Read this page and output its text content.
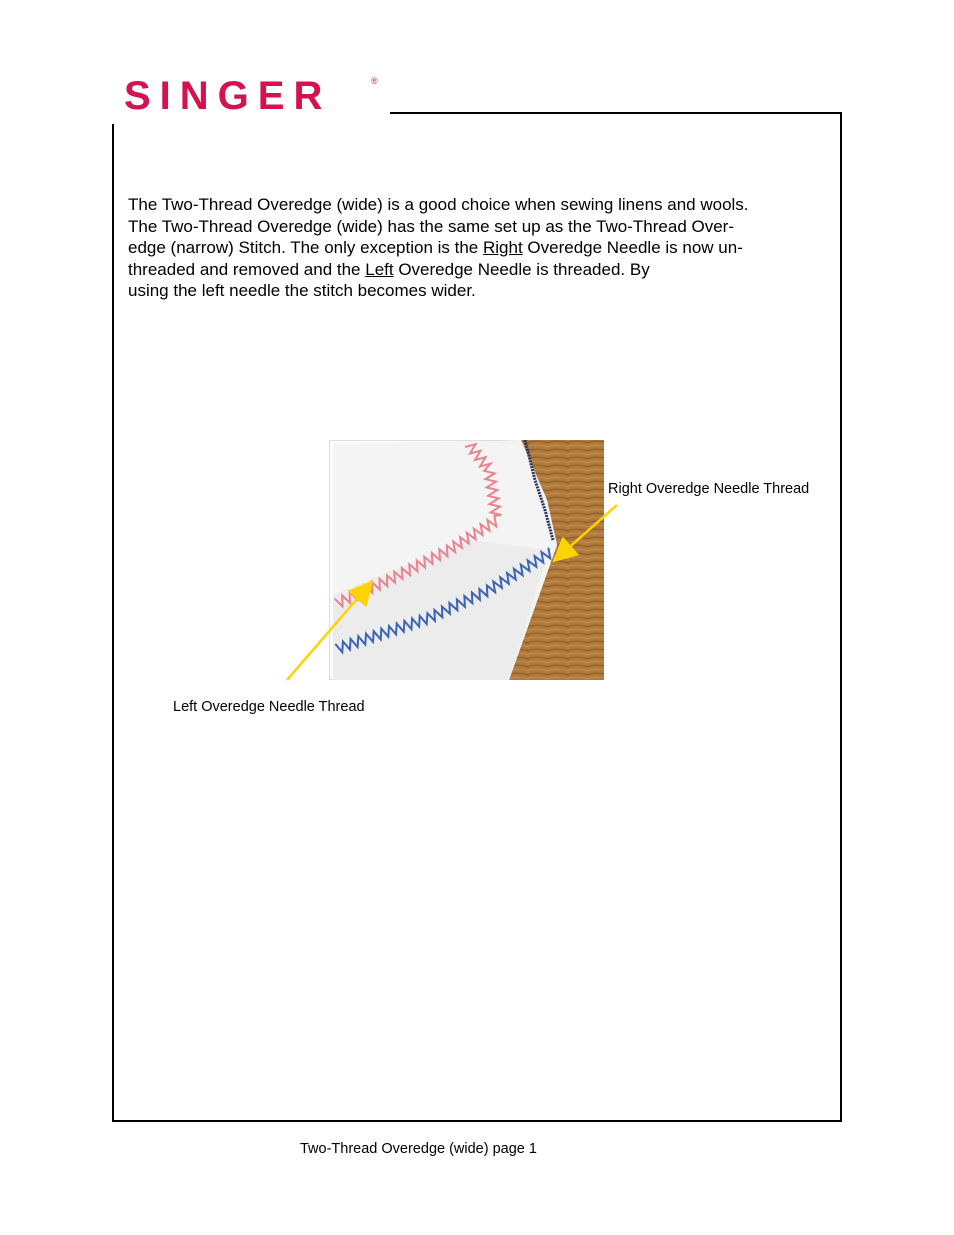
SINGER	®

The Two-Thread Overedge (wide) is a good choice when sewing linens and wools.

The Two-Thread Overedge (wide) has the same set up as the Two-Thread Over-

edge (narrow) Stitch. The only exception is the Right Overedge Needle is now un-

threaded and removed and the Left Overedge Needle is threaded. By

using the left needle the stitch becomes wider.

Right Overedge Needle Thread
Left Overedge Needle Thread
Two-Thread Overedge (wide) page 1
